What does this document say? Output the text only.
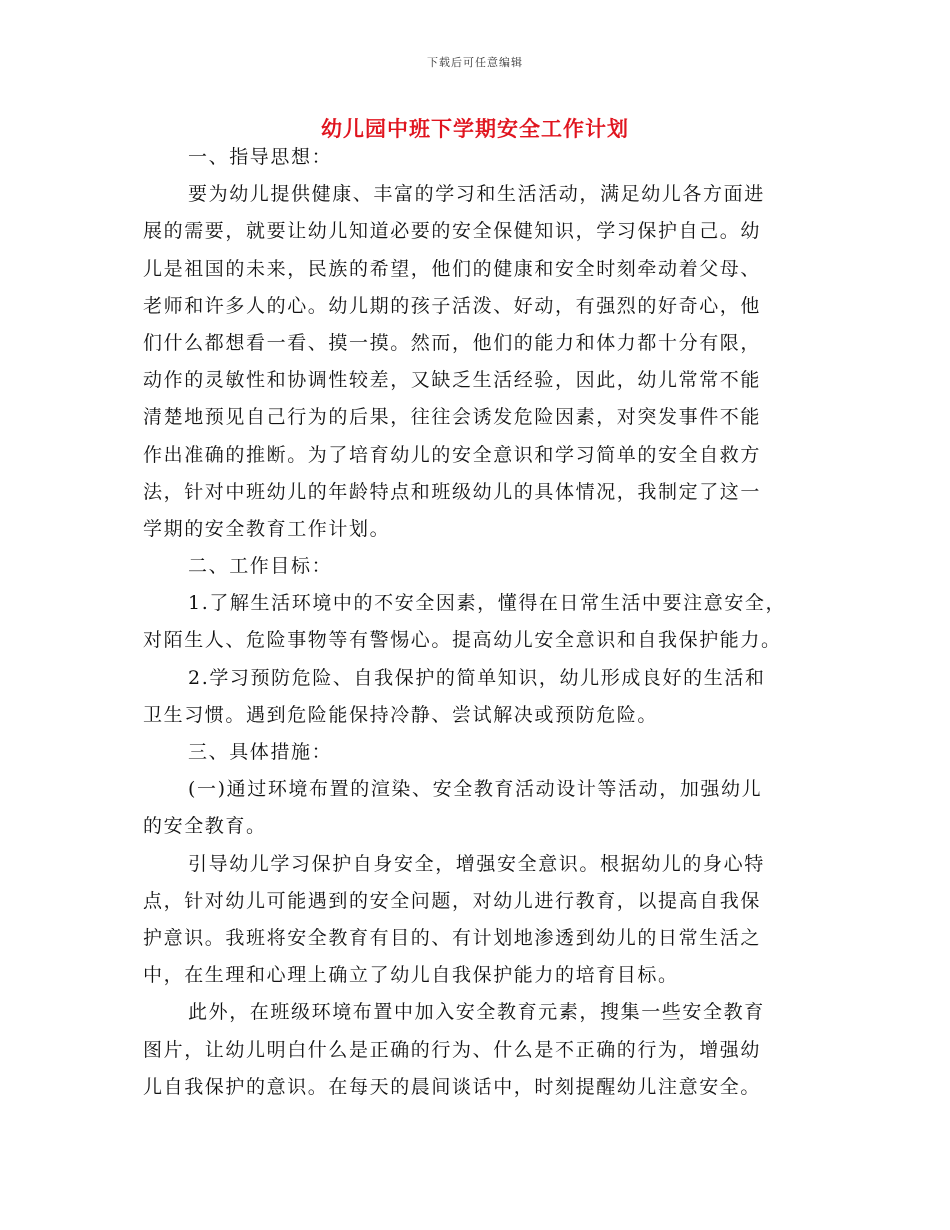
下载后可任意编辑
幼儿园中班下学期安全工作计划
一、指导思想：
要为幼儿提供健康、丰富的学习和生活活动，满足幼儿各方面进
展的需要，就要让幼儿知道必要的安全保健知识，学习保护自己。幼
儿是祖国的未来，民族的希望，他们的健康和安全时刻牵动着父母、
老师和许多人的心。幼儿期的孩子活泼、好动，有强烈的好奇心，他
们什么都想看一看、摸一摸。然而，他们的能力和体力都十分有限，
动作的灵敏性和协调性较差，又缺乏生活经验，因此，幼儿常常不能
清楚地预见自己行为的后果，往往会诱发危险因素，对突发事件不能
作出准确的推断。为了培育幼儿的安全意识和学习简单的安全自救方
法，针对中班幼儿的年龄特点和班级幼儿的具体情况，我制定了这一
学期的安全教育工作计划。
二、工作目标：
1.了解生活环境中的不安全因素，懂得在日常生活中要注意安全，
对陌生人、危险事物等有警惕心。提高幼儿安全意识和自我保护能力。
2.学习预防危险、自我保护的简单知识，幼儿形成良好的生活和
卫生习惯。遇到危险能保持冷静、尝试解决或预防危险。
三、具体措施：
(一)通过环境布置的渲染、安全教育活动设计等活动，加强幼儿
的安全教育。
引导幼儿学习保护自身安全，增强安全意识。根据幼儿的身心特
点，针对幼儿可能遇到的安全问题，对幼儿进行教育，以提高自我保
护意识。我班将安全教育有目的、有计划地渗透到幼儿的日常生活之
中，在生理和心理上确立了幼儿自我保护能力的培育目标。
此外，在班级环境布置中加入安全教育元素，搜集一些安全教育
图片，让幼儿明白什么是正确的行为、什么是不正确的行为，增强幼
儿自我保护的意识。在每天的晨间谈话中，时刻提醒幼儿注意安全。
